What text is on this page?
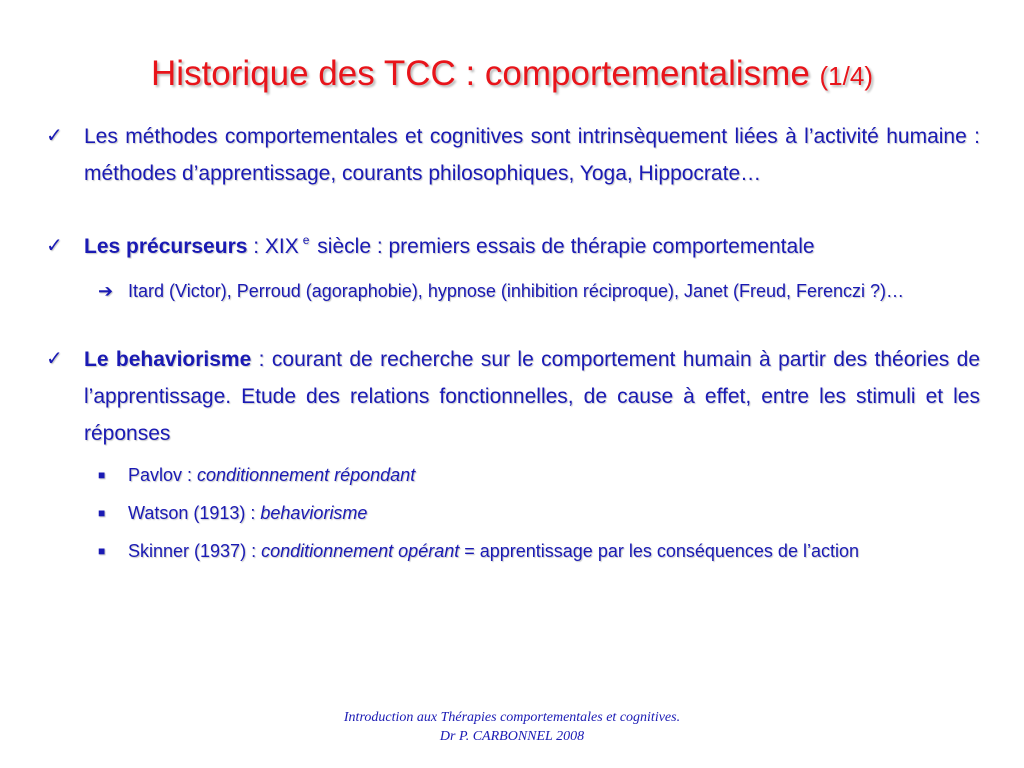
Historique des TCC : comportementalisme (1/4)
✓	Les méthodes comportementales et cognitives sont intrinsèquement liées à l’activité humaine : méthodes d’apprentissage, courants philosophiques, Yoga, Hippocrate…
✓	Les précurseurs : XIX $^e$ siècle : premiers essais de thérapie comportementale
➔ Itard (Victor), Perroud (agoraphobie), hypnose (inhibition réciproque), Janet (Freud, Ferenczi ?)…
✓	Le behaviorisme : courant de recherche sur le comportement humain à partir des théories de l’apprentissage. Etude des relations fonctionnelles, de cause à effet, entre les stimuli et les réponses
■	Pavlov : conditionnement répondant
■	Watson (1913) : behaviorisme
■	Skinner (1937) : conditionnement opérant = apprentissage par les conséquences de l’action
Introduction aux Thérapies comportementales et cognitives.
Dr P. CARBONNEL 2008
